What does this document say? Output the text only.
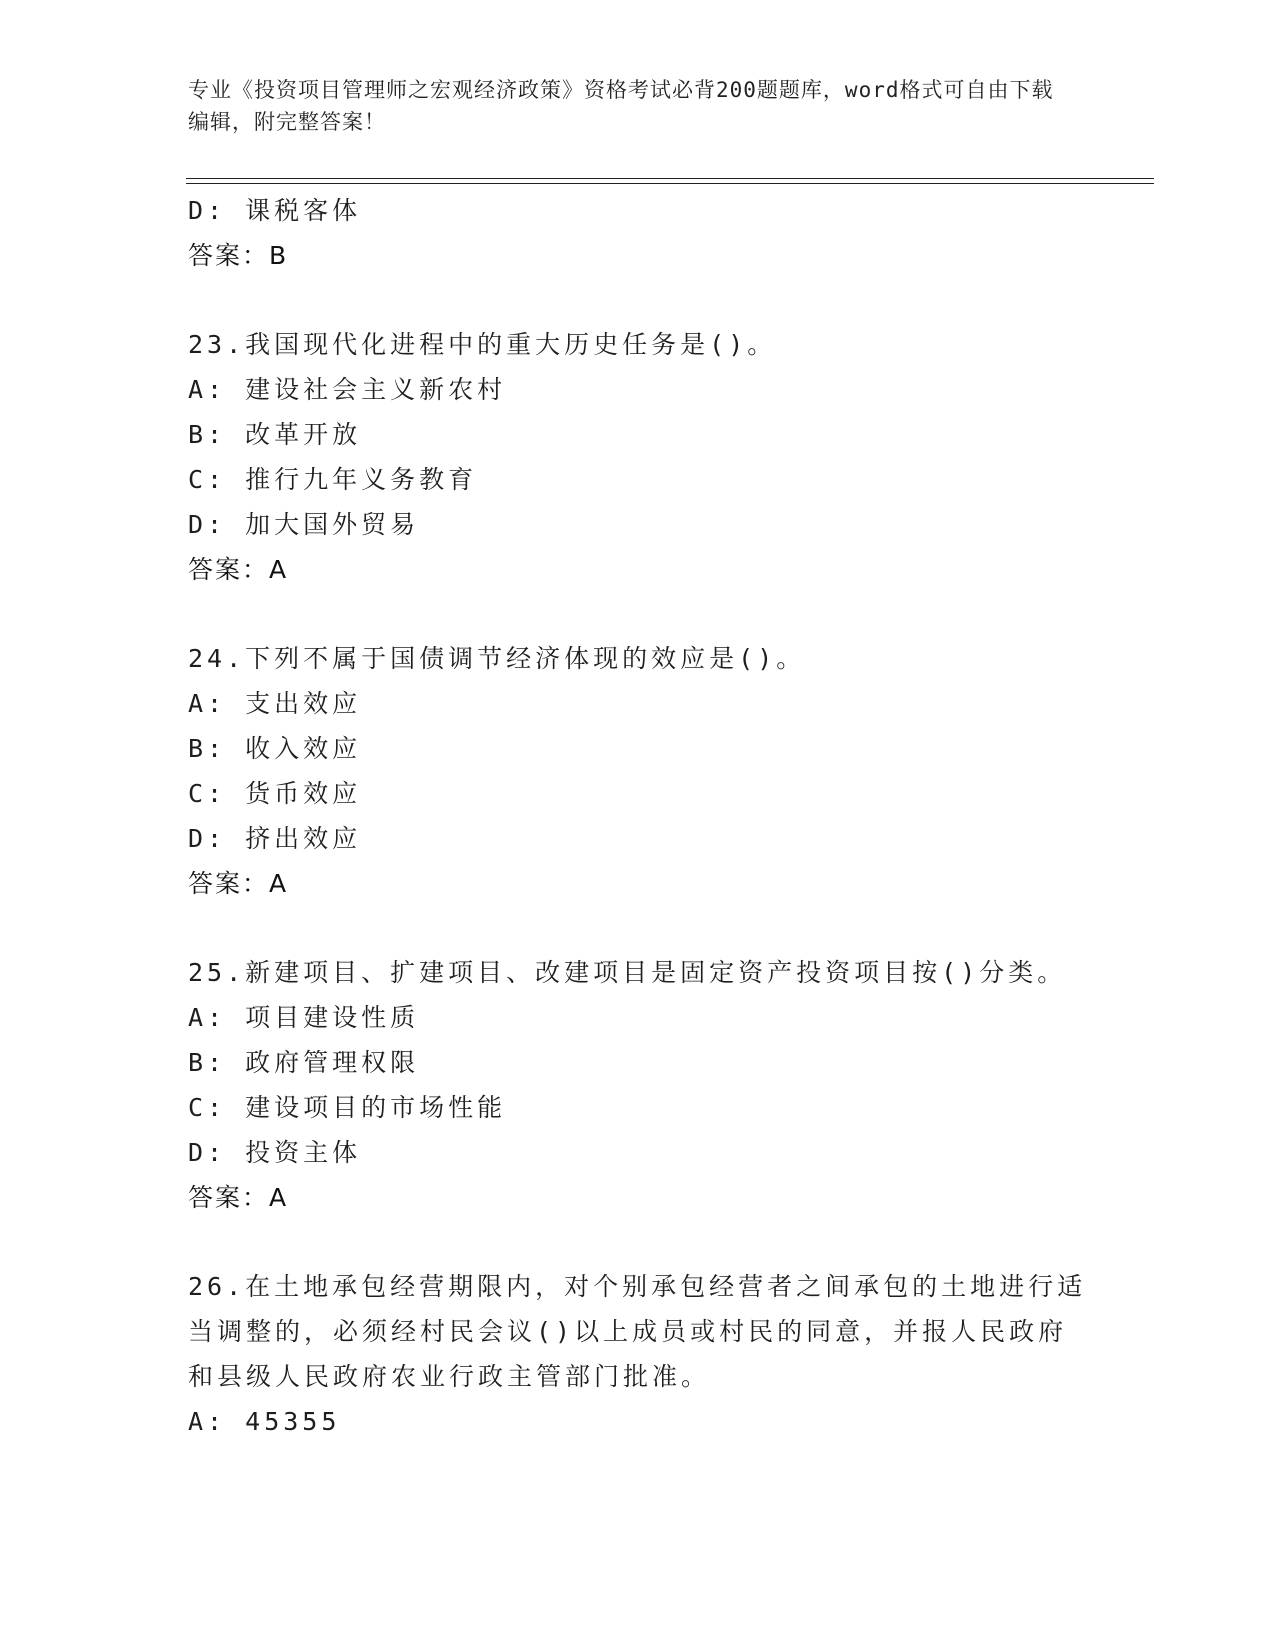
专业《投资项目管理师之宏观经济政策》资格考试必背200题题库，word格式可自由下载编辑，附完整答案！
D: 课税客体
答案：B
23.我国现代化进程中的重大历史任务是()。
A: 建设社会主义新农村
B: 改革开放
C: 推行九年义务教育
D: 加大国外贸易
答案：A
24.下列不属于国债调节经济体现的效应是()。
A: 支出效应
B: 收入效应
C: 货币效应
D: 挤出效应
答案：A
25.新建项目、扩建项目、改建项目是固定资产投资项目按()分类。
A: 项目建设性质
B: 政府管理权限
C: 建设项目的市场性能
D: 投资主体
答案：A
26.在土地承包经营期限内，对个别承包经营者之间承包的土地进行适当调整的，必须经村民会议()以上成员或村民的同意，并报人民政府和县级人民政府农业行政主管部门批准。
A: 45355
